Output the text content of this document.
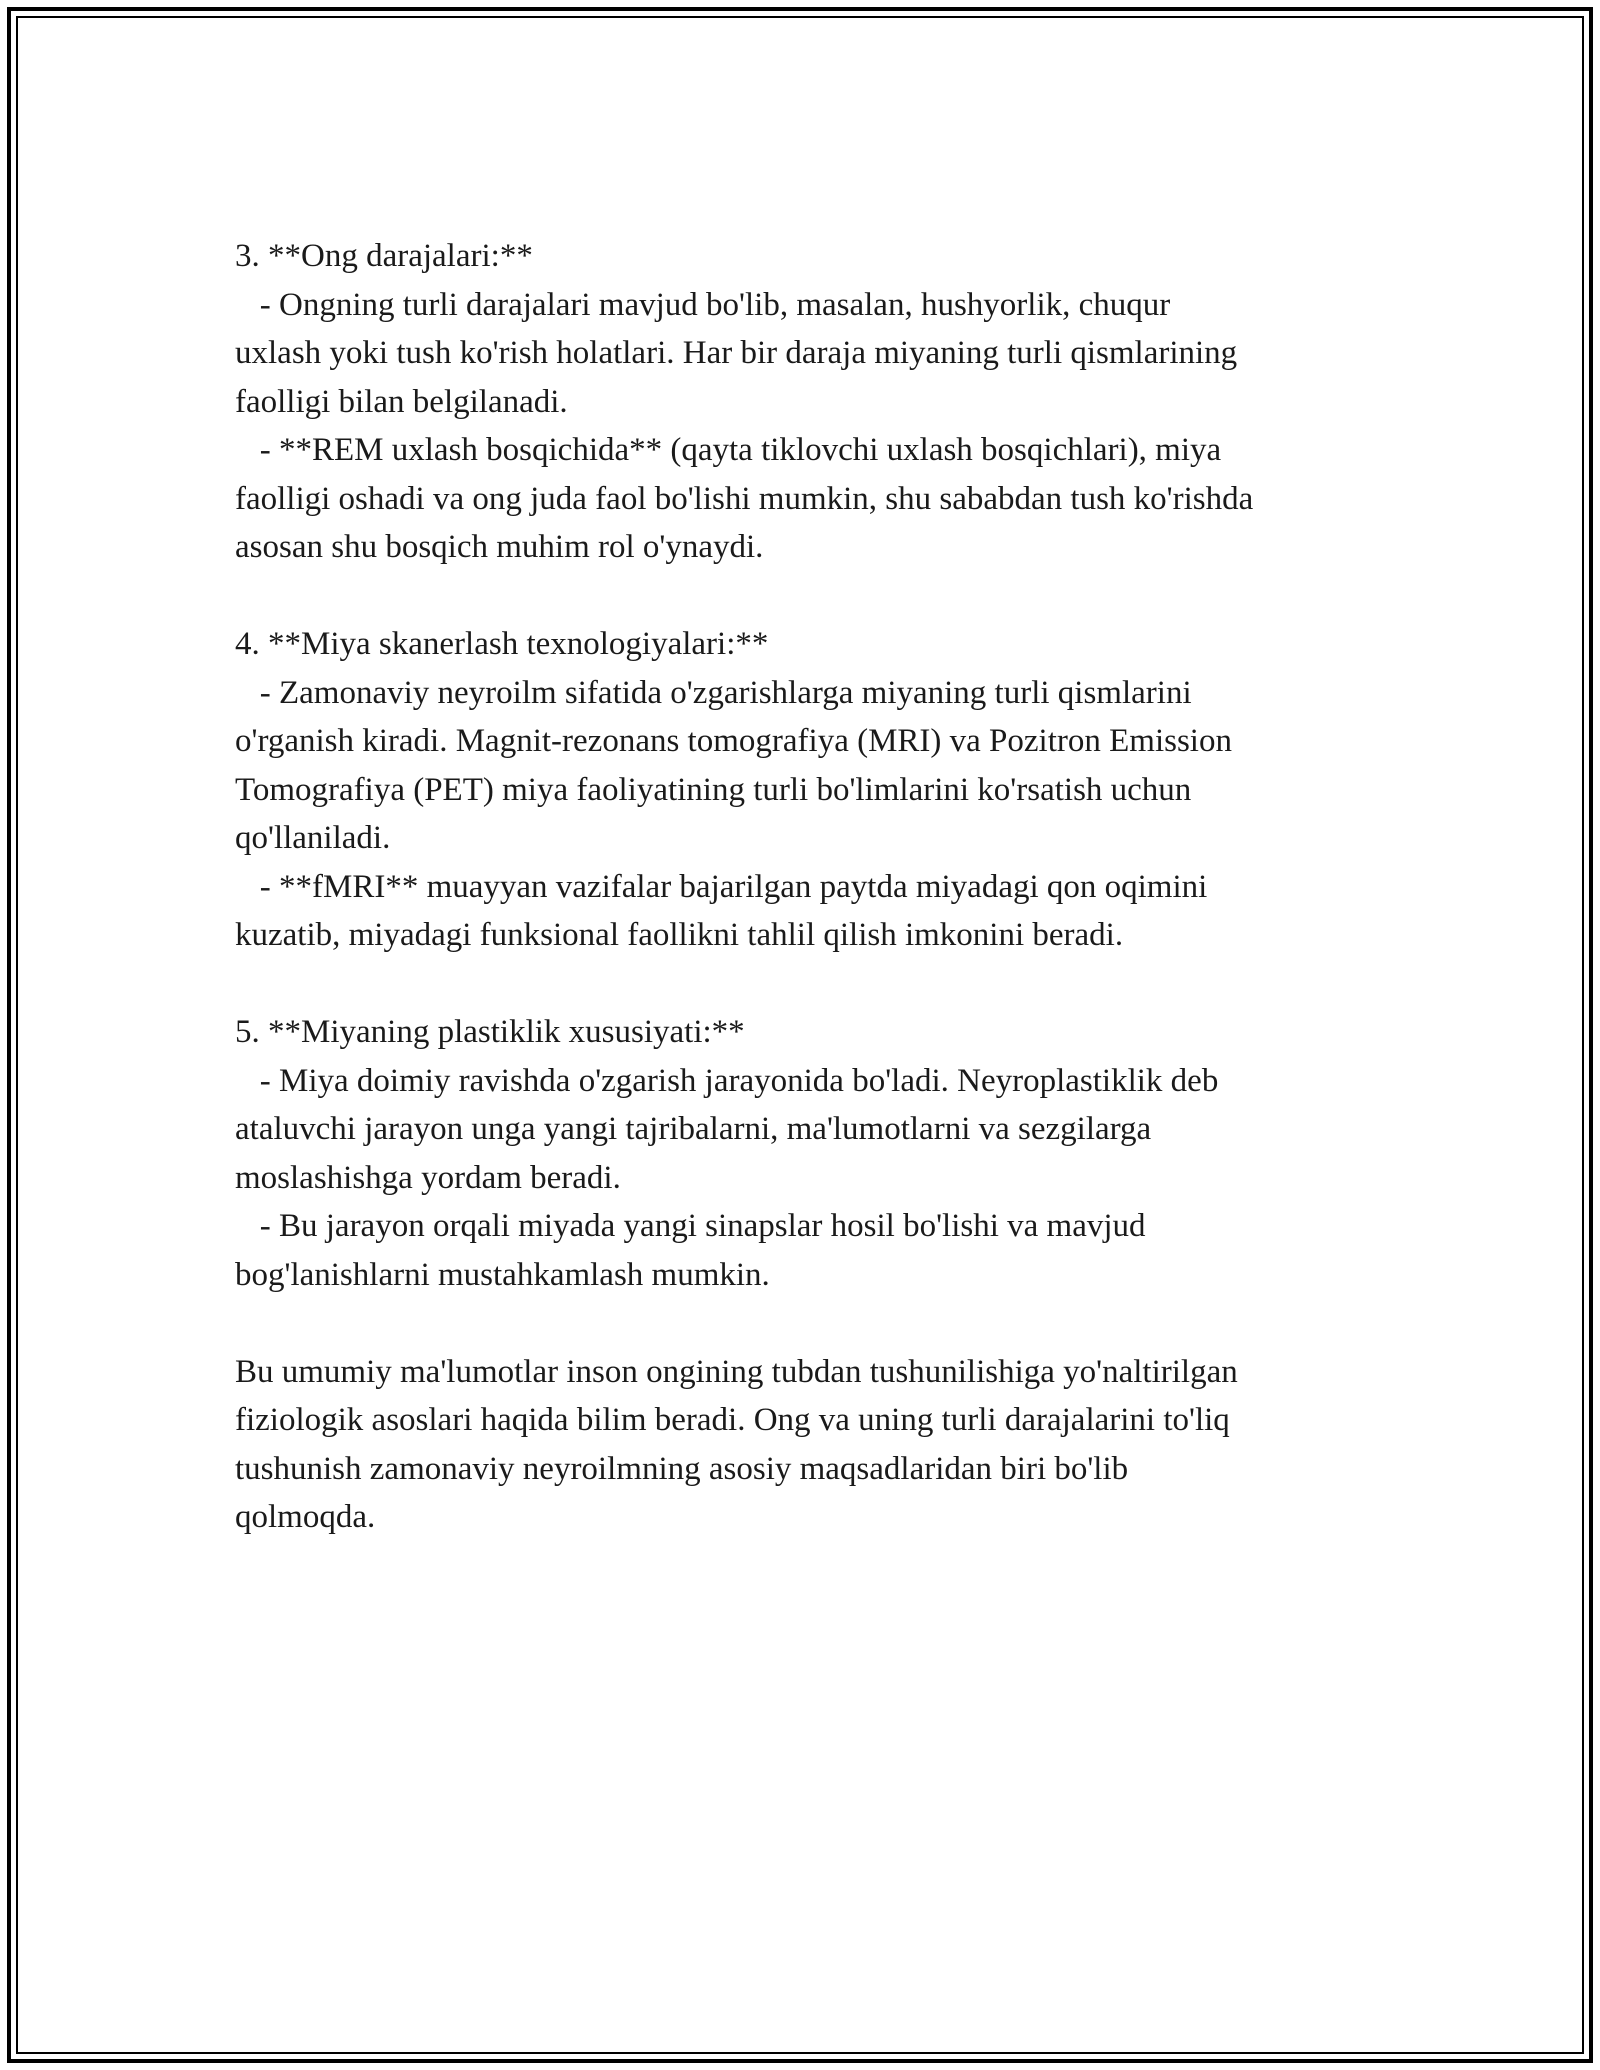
3. **Ong darajalari:**
- Ongning turli darajalari mavjud bo'lib, masalan, hushyorlik, chuqur
uxlash yoki tush ko'rish holatlari. Har bir daraja miyaning turli qismlarining
faolligi bilan belgilanadi.
- **REM uxlash bosqichida** (qayta tiklovchi uxlash bosqichlari), miya
faolligi oshadi va ong juda faol bo'lishi mumkin, shu sababdan tush ko'rishda
asosan shu bosqich muhim rol o'ynaydi.
4. **Miya skanerlash texnologiyalari:**
- Zamonaviy neyroilm sifatida o'zgarishlarga miyaning turli qismlarini
o'rganish kiradi. Magnit-rezonans tomografiya (MRI) va Pozitron Emission
Tomografiya (PET) miya faoliyatining turli bo'limlarini ko'rsatish uchun
qo'llaniladi.
- **fMRI** muayyan vazifalar bajarilgan paytda miyadagi qon oqimini
kuzatib, miyadagi funksional faollikni tahlil qilish imkonini beradi.
5. **Miyaning plastiklik xususiyati:**
- Miya doimiy ravishda o'zgarish jarayonida bo'ladi. Neyroplastiklik deb
ataluvchi jarayon unga yangi tajribalarni, ma'lumotlarni va sezgilarga
moslashishga yordam beradi.
- Bu jarayon orqali miyada yangi sinapslar hosil bo'lishi va mavjud
bog'lanishlarni mustahkamlash mumkin.
Bu umumiy ma'lumotlar inson ongining tubdan tushunilishiga yo'naltirilgan
fiziologik asoslari haqida bilim beradi. Ong va uning turli darajalarini to'liq
tushunish zamonaviy neyroilmning asosiy maqsadlaridan biri bo'lib
qolmoqda.
